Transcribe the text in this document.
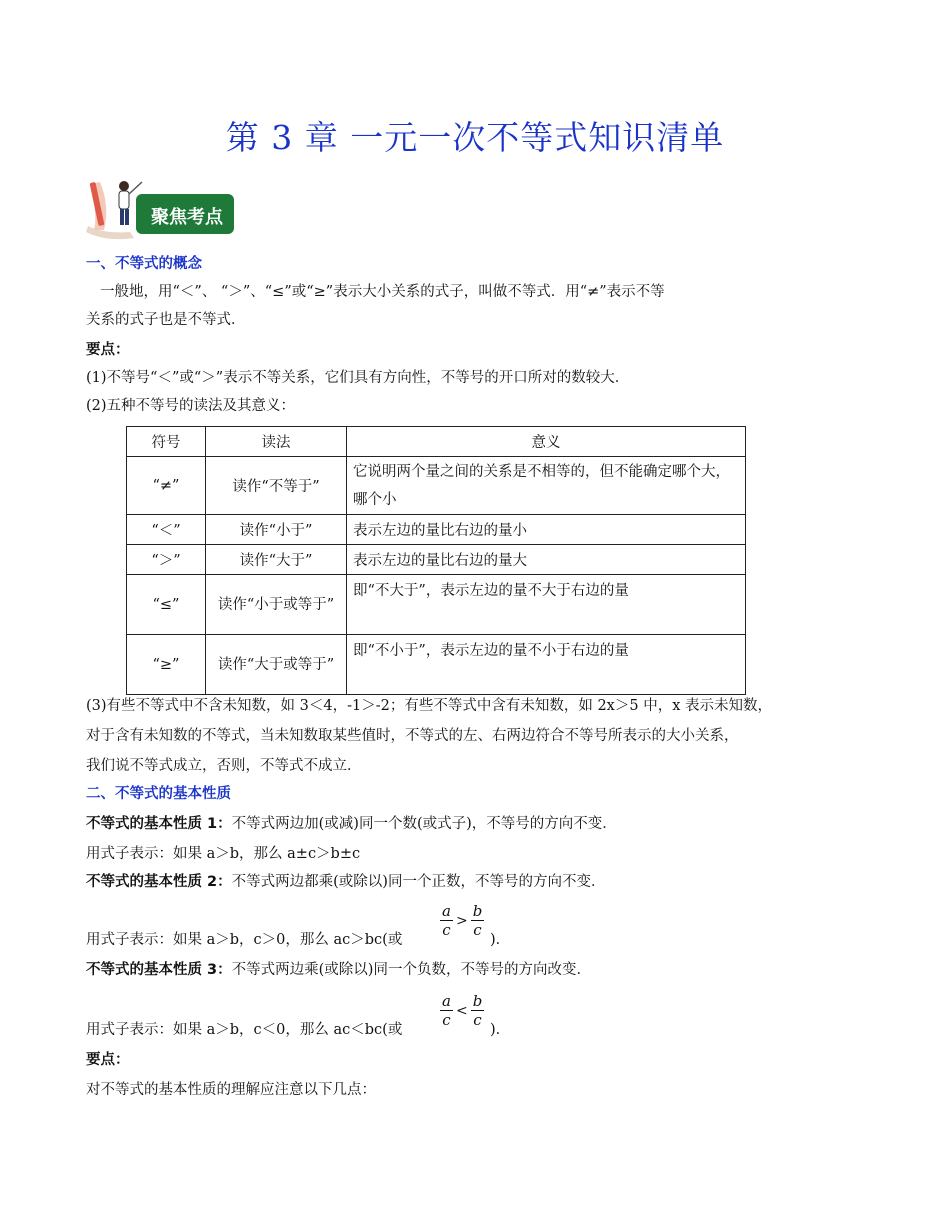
第 3 章 一元一次不等式知识清单
聚焦考点
一、不等式的概念
一般地，用“＜”、 “＞”、“≤”或“≥”表示大小关系的式子，叫做不等式．用“≠”表示不等
关系的式子也是不等式．
要点：
(1)不等号“＜”或“＞”表示不等关系，它们具有方向性，不等号的开口所对的数较大．
(2)五种不等号的读法及其意义：
符号	读法	意义
“≠”	读作“不等于”	它说明两个量之间的关系是不相等的，但不能确定哪个大，哪个小
“＜”	读作“小于”	表示左边的量比右边的量小
“＞”	读作“大于”	表示左边的量比右边的量大
“≤”	读作“小于或等于”	即“不大于”，表示左边的量不大于右边的量
“≥”	读作“大于或等于”	即“不小于”，表示左边的量不小于右边的量
(3)有些不等式中不含未知数，如 3＜4，-1＞-2；有些不等式中含有未知数，如 2x＞5 中，x 表示未知数，
对于含有未知数的不等式，当未知数取某些值时，不等式的左、右两边符合不等号所表示的大小关系，
我们说不等式成立，否则，不等式不成立．
二、不等式的基本性质
不等式的基本性质 1：不等式两边加(或减)同一个数(或式子)，不等号的方向不变．
用式子表示：如果 a＞b，那么 a±c＞b±c
不等式的基本性质 2：不等式两边都乘(或除以)同一个正数，不等号的方向不变．
用式子表示：如果 a＞b，c＞0，那么 ac＞bc(或
$\frac{a}{c} > \frac{b}{c}$
)．
不等式的基本性质 3：不等式两边乘(或除以)同一个负数，不等号的方向改变．
用式子表示：如果 a＞b，c＜0，那么 ac＜bc(或
$\frac{a}{c} < \frac{b}{c}$
)．
要点：
对不等式的基本性质的理解应注意以下几点：
